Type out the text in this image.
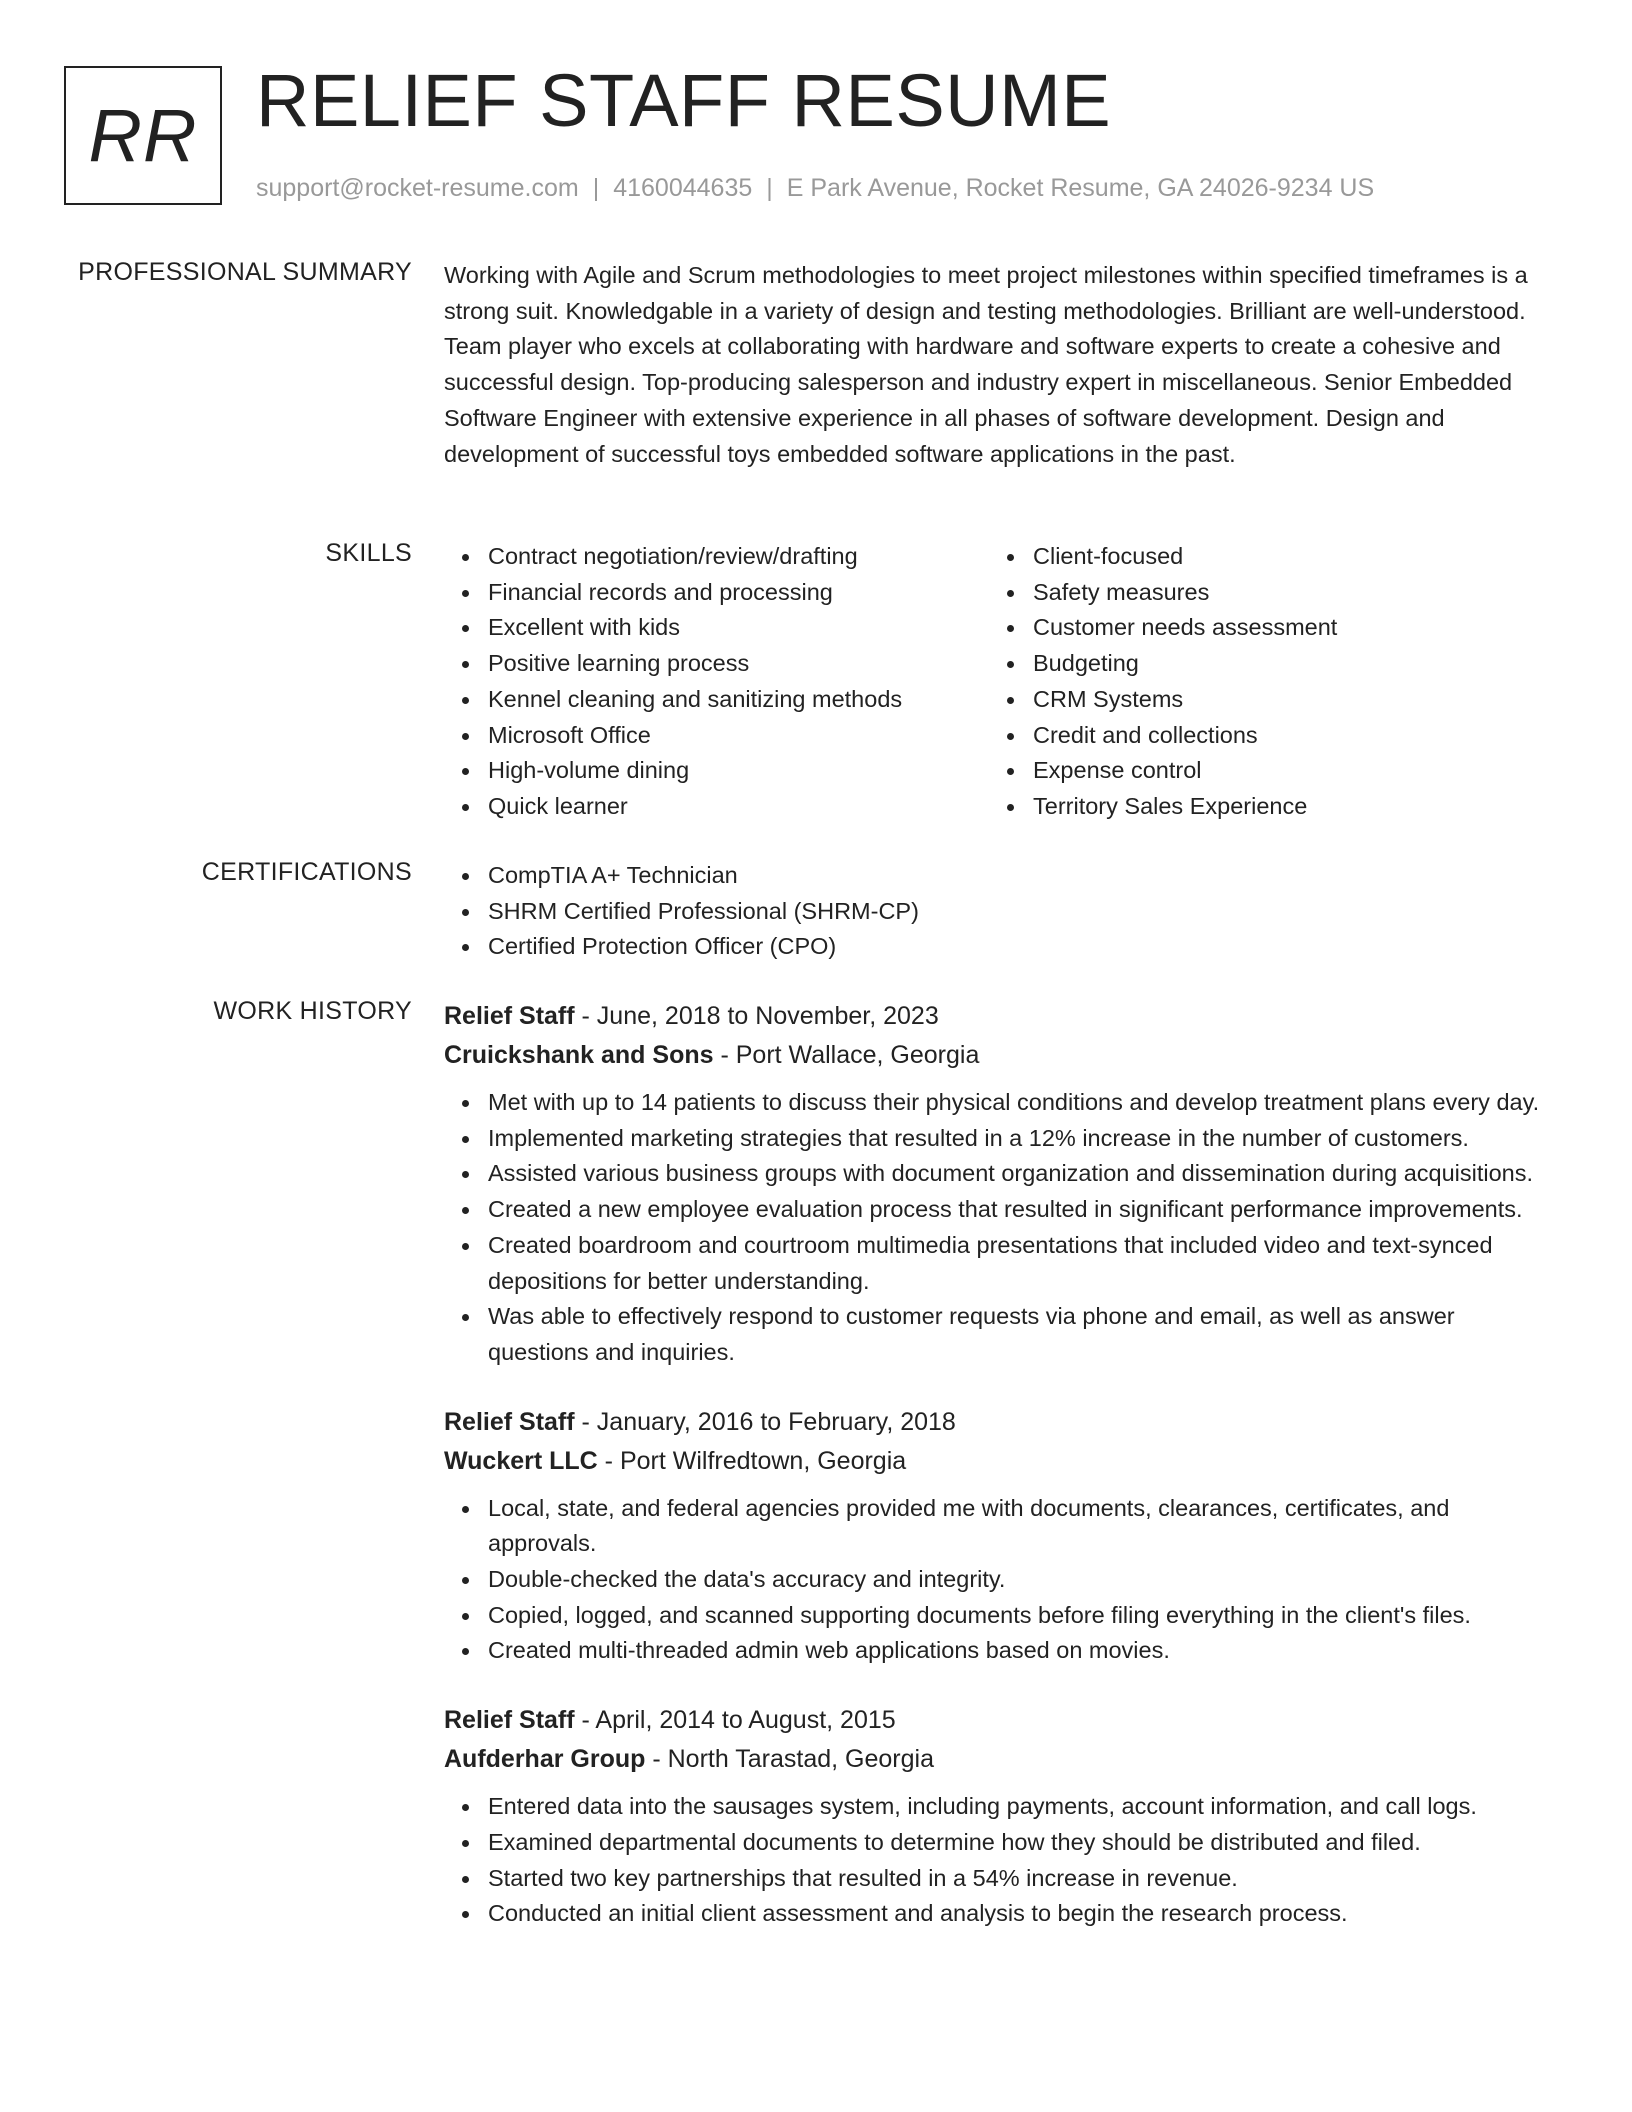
RR RELIEF STAFF RESUME
support@rocket-resume.com | 4160044635 | E Park Avenue, Rocket Resume, GA 24026-9234 US
PROFESSIONAL SUMMARY Working with Agile and Scrum methodologies to meet project milestones within specified timeframes is a strong suit. Knowledgable in a variety of design and testing methodologies. Brilliant are well-understood. Team player who excels at collaborating with hardware and software experts to create a cohesive and successful design. Top-producing salesperson and industry expert in miscellaneous. Senior Embedded Software Engineer with extensive experience in all phases of software development. Design and development of successful toys embedded software applications in the past.

SKILLS	Contract negotiation/review/drafting
Financial records and processing
Excellent with kids
Positive learning process
Kennel cleaning and sanitizing methods
Microsoft Office
High-volume dining
Quick learner
Client-focused
Safety measures
Customer needs assessment
Budgeting
CRM Systems
Credit and collections
Expense control
Territory Sales Experience
CERTIFICATIONS	CompTIA A+ Technician
SHRM Certified Professional (SHRM-CP)
Certified Protection Officer (CPO)
WORK HISTORY Relief Staff - June, 2018 to November, 2023
Cruickshank and Sons - Port Wallace, Georgia
Met with up to 14 patients to discuss their physical conditions and develop treatment plans every day.
Implemented marketing strategies that resulted in a 12% increase in the number of customers.
Assisted various business groups with document organization and dissemination during acquisitions.
Created a new employee evaluation process that resulted in significant performance improvements.
Created boardroom and courtroom multimedia presentations that included video and text-synced depositions for better understanding.
Was able to effectively respond to customer requests via phone and email, as well as answer questions and inquiries.
Relief Staff - January, 2016 to February, 2018
Wuckert LLC - Port Wilfredtown, Georgia
Local, state, and federal agencies provided me with documents, clearances, certificates, and approvals.
Double-checked the data's accuracy and integrity.
Copied, logged, and scanned supporting documents before filing everything in the client's files.
Created multi-threaded admin web applications based on movies.
Relief Staff - April, 2014 to August, 2015
Aufderhar Group - North Tarastad, Georgia
Entered data into the sausages system, including payments, account information, and call logs.
Examined departmental documents to determine how they should be distributed and filed.
Started two key partnerships that resulted in a 54% increase in revenue.
Conducted an initial client assessment and analysis to begin the research process.
